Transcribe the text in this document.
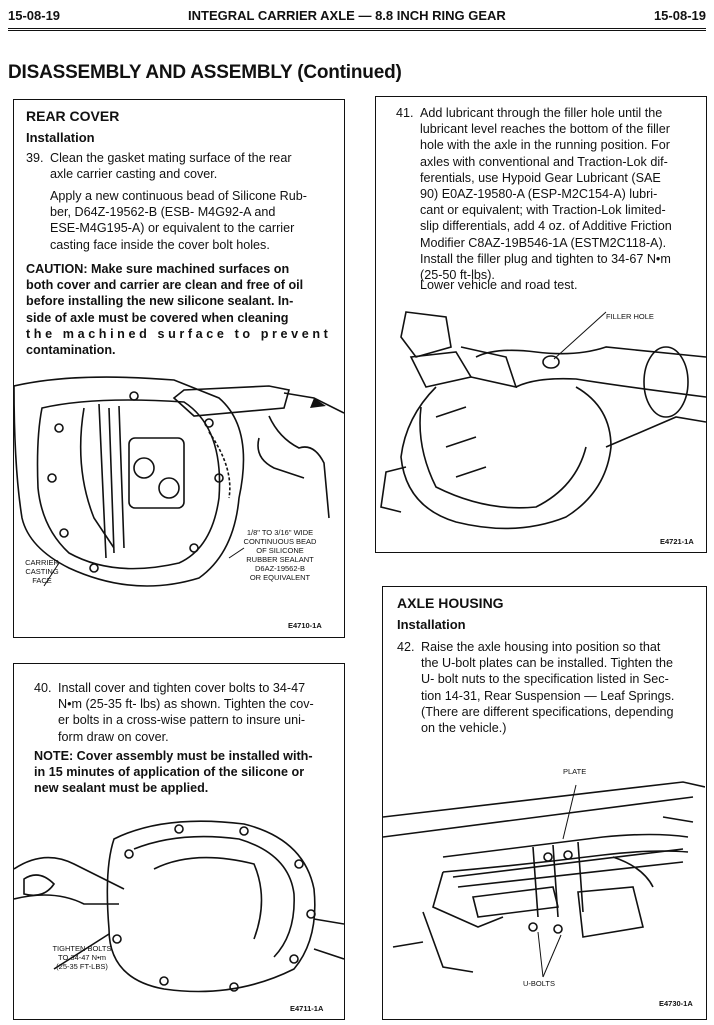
15-08-19	INTEGRAL CARRIER AXLE — 8.8 INCH RING GEAR	15-08-19
DISASSEMBLY AND ASSEMBLY (Continued)
REAR COVER
Installation
39. Clean the gasket mating surface of the rear
axle carrier casting and cover.
Apply a new continuous bead of Silicone Rub-
ber, D64Z-19562-B (ESB- M4G92-A and
ESE-M4G195-A) or equivalent to the carrier
casting face inside the cover bolt holes.
CAUTION: Make sure machined surfaces on
both cover and carrier are clean and free of oil
before installing the new silicone sealant. In-
side of axle must be covered when cleaning
the machined surface to prevent
contamination.
CARRIER
CASTING
FACE
1/8" TO 3/16" WIDE
CONTINUOUS BEAD
OF SILICONE
RUBBER SEALANT
D6AZ-19562-B
OR EQUIVALENT
E4710-1A
40. Install cover and tighten cover bolts to 34-47
N•m (25-35 ft- lbs) as shown. Tighten the cov-
er bolts in a cross-wise pattern to insure uni-
form draw on cover.
NOTE: Cover assembly must be installed with-
in 15 minutes of application of the silicone or
new sealant must be applied.
TIGHTEN BOLTS
TO 34-47 N•m
(25-35 FT-LBS)
E4711-1A
41. Add lubricant through the filler hole until the
lubricant level reaches the bottom of the filler
hole with the axle in the running position. For
axles with conventional and Traction-Lok dif-
ferentials, use Hypoid Gear Lubricant (SAE
90) E0AZ-19580-A (ESP-M2C154-A) lubri-
cant or equivalent; with Traction-Lok limited-
slip differentials, add 4 oz. of Additive Friction
Modifier C8AZ-19B546-1A (ESTM2C118-A).
Install the filler plug and tighten to 34-67 N•m
(25-50 ft-lbs).
Lower vehicle and road test.
FILLER HOLE
E4721-1A
AXLE HOUSING
Installation
42. Raise the axle housing into position so that
the U-bolt plates can be installed. Tighten the
U- bolt nuts to the specification listed in Sec-
tion 14-31, Rear Suspension — Leaf Springs.
(There are different specifications, depending
on the vehicle.)
PLATE
U-BOLTS
E4730-1A
